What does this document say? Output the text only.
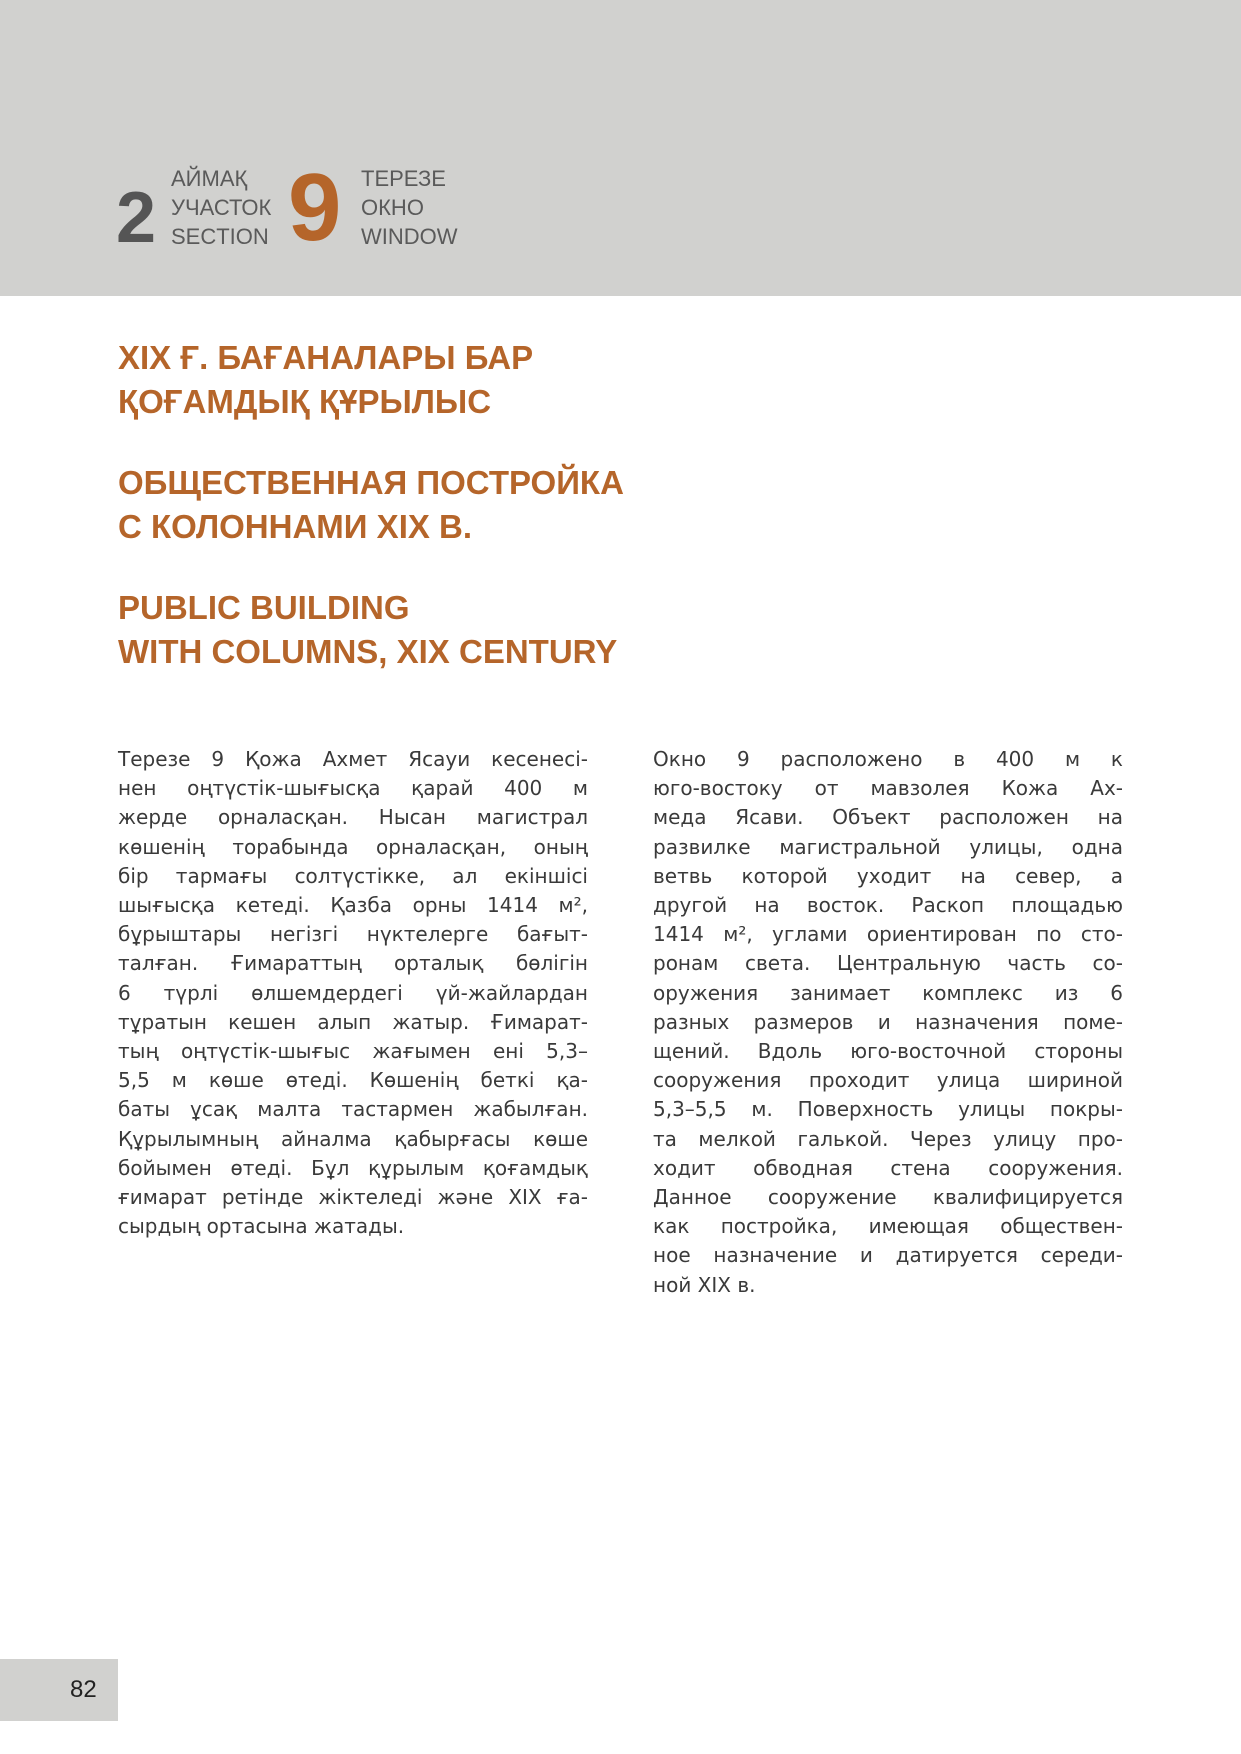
2 АЙМАҚ
УЧАСТОК
SECTION 9 ТЕРЕЗЕ
ОКНО
WINDOW
XIX Ғ. БАҒАНАЛАРЫ БАР
ҚОҒАМДЫҚ ҚҰРЫЛЫС
ОБЩЕСТВЕННАЯ ПОСТРОЙКА
С КОЛОННАМИ XIX В.
PUBLIC BUILDING
WITH COLUMNS, XIX CENTURY
Терезе 9 Қожа Ахмет Ясауи кесенесі-
нен оңтүстік-шығысқа қарай 400 м
жерде орналасқан. Нысан магистрал
көшенің торабында орналасқан, оның
бір тармағы солтүстікке, ал екіншісі
шығысқа кетеді. Қазба орны 1414 м²,
бұрыштары негізгі нүктелерге бағыт-
талған. Ғимараттың орталық бөлігін
6 түрлі өлшемдердегі үй-жайлардан
тұратын кешен алып жатыр. Ғимарат-
тың оңтүстік-шығыс жағымен ені 5,3–
5,5 м көше өтеді. Көшенің беткі қа-
баты ұсақ малта тастармен жабылған.
Құрылымның айналма қабырғасы көше
бойымен өтеді. Бұл құрылым қоғамдық
ғимарат ретінде жіктеледі және XIX ға-
сырдың ортасына жатады.
Окно 9 расположено в 400 м к
юго-востоку от мавзолея Кожа Ах-
меда Ясави. Объект расположен на
развилке магистральной улицы, одна
ветвь которой уходит на север, а
другой на восток. Раскоп площадью
1414 м², углами ориентирован по сто-
ронам света. Центральную часть со-
оружения занимает комплекс из 6
разных размеров и назначения поме-
щений. Вдоль юго-восточной стороны
сооружения проходит улица шириной
5,3–5,5 м. Поверхность улицы покры-
та мелкой галькой. Через улицу про-
ходит обводная стена сооружения.
Данное сооружение квалифицируется
как постройка, имеющая обществен-
ное назначение и датируется середи-
ной XIX в.
82
